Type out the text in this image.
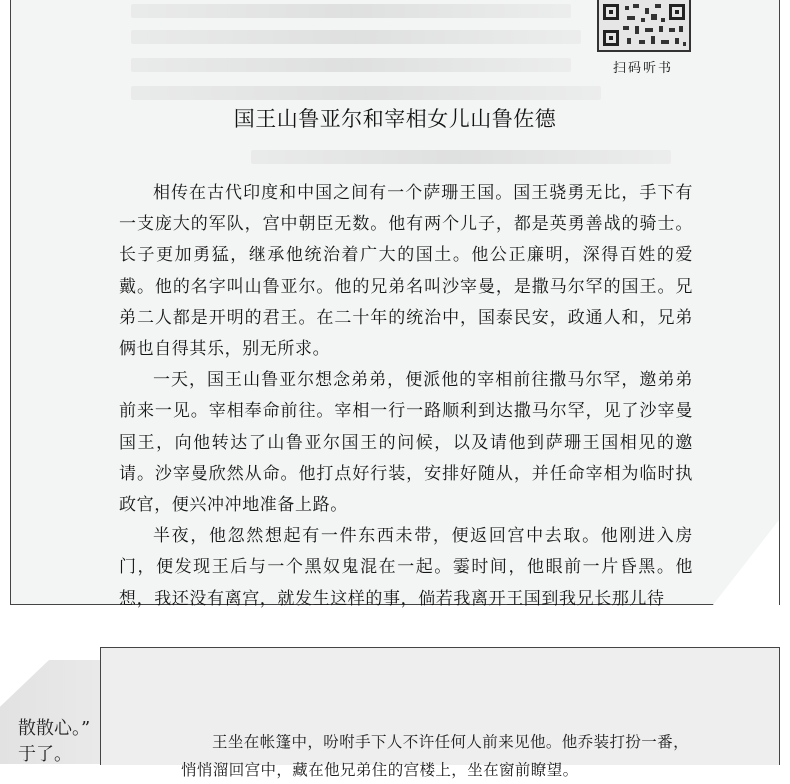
扫码听书
国王山鲁亚尔和宰相女儿山鲁佐德

相传在古代印度和中国之间有一个萨珊王国。国王骁勇无比，手下有一支庞大的军队，宫中朝臣无数。他有两个儿子，都是英勇善战的骑士。长子更加勇猛，继承他统治着广大的国土。他公正廉明，深得百姓的爱戴。他的名字叫山鲁亚尔。他的兄弟名叫沙宰曼，是撒马尔罕的国王。兄弟二人都是开明的君王。在二十年的统治中，国泰民安，政通人和，兄弟俩也自得其乐，别无所求。

一天，国王山鲁亚尔想念弟弟，便派他的宰相前往撒马尔罕，邀弟弟前来一见。宰相奉命前往。宰相一行一路顺利到达撒马尔罕，见了沙宰曼国王，向他转达了山鲁亚尔国王的问候，以及请他到萨珊王国相见的邀请。沙宰曼欣然从命。他打点好行装，安排好随从，并任命宰相为临时执政官，便兴冲冲地准备上路。

半夜，他忽然想起有一件东西未带，便返回宫中去取。他刚进入房门，便发现王后与一个黑奴鬼混在一起。霎时间，他眼前一片昏黑。他想，我还没有离宫，就发生这样的事，倘若我离开王国到我兄长那儿待

散散心。”
于了。

王坐在帐篷中，吩咐手下人不许任何人前来见他。他乔装打扮一番，悄悄溜回宫中，藏在他兄弟住的宫楼上，坐在窗前瞭望。
